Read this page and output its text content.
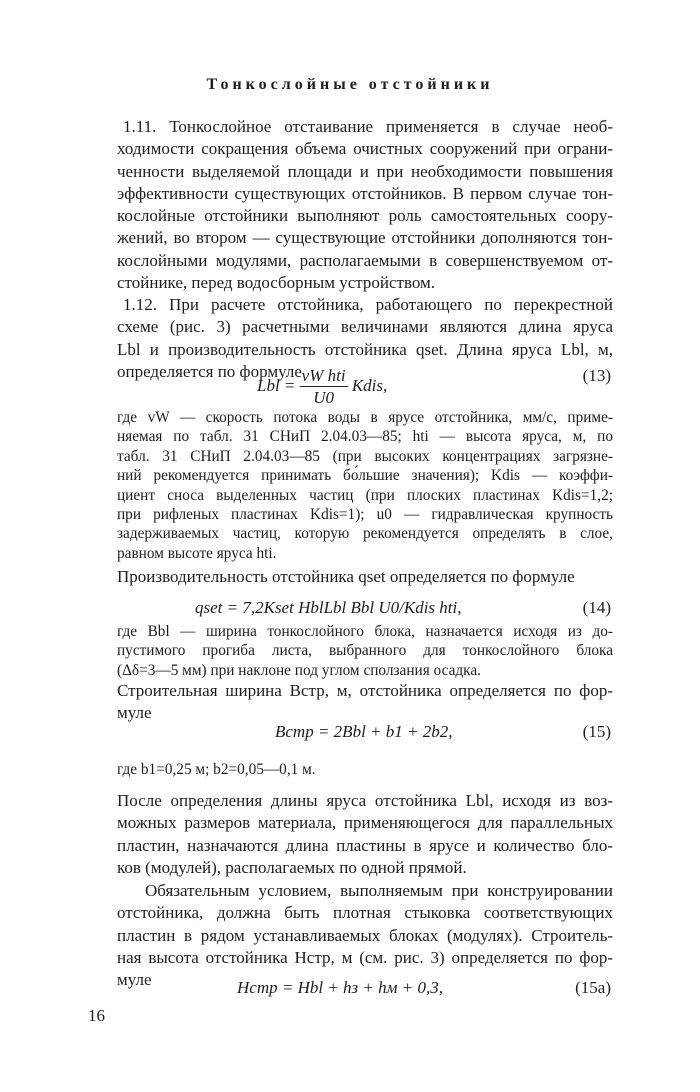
Тонкослойные отстойники
1.11. Тонкослойное отстаивание применяется в случае необ-
ходимости сокращения объема очистных сооружений при ограни-
ченности выделяемой площади и при необходимости повышения
эффективности существующих отстойников. В первом случае тон-
кослойные отстойники выполняют роль самостоятельных соору-
жений, во втором — существующие отстойники дополняются тон-
кослойными модулями, располагаемыми в совершенствуемом от-
стойнике, перед водосборным устройством.
1.12. При расчете отстойника, работающего по перекрестной
схеме (рис. 3) расчетными величинами являются длина яруса
Lbl и производительность отстойника qset. Длина яруса Lbl, м,
определяется по формуле
Lbl = $\frac{\text{vW hti}}{U0}$ Kdis,
(13)
где vW — скорость потока воды в ярусе отстойника, мм/с, приме-
няемая по табл. 31 СНиП 2.04.03—85; hti — высота яруса, м, по
табл. 31 СНиП 2.04.03—85 (при высоких концентрациях загрязне-
ний рекомендуется принимать бо́льшие значения); Kdis — коэффи-
циент сноса выделенных частиц (при плоских пластинах Kdis=1,2;
при рифленых пластинах Kdis=1); u0 — гидравлическая крупность
задерживаемых частиц, которую рекомендуется определять в слое,
равном высоте яруса hti.
Производительность отстойника qset определяется по формуле
qset = 7,2Kset HblLbl Bbl U0/Kdis hti,	(14)
где Bbl — ширина тонкослойного блока, назначается исходя из до-
пустимого прогиба листа, выбранного для тонкослойного блока
(Δδ=3—5 мм) при наклоне под углом сползания осадка.
Строительная ширина Bстр, м, отстойника определяется по фор-
муле
Bстр = 2Bbl + b1 + 2b2,	(15)
где b1=0,25 м; b2=0,05—0,1 м.
После определения длины яруса отстойника Lbl, исходя из воз-
можных размеров материала, применяющегося для параллельных
пластин, назначаются длина пластины в ярусе и количество бло-
ков (модулей), располагаемых по одной прямой.
Обязательным условием, выполняемым при конструировании
отстойника, должна быть плотная стыковка соответствующих
пластин в рядом устанавливаемых блоках (модулях). Строитель-
ная высота отстойника Hстр, м (см. рис. 3) определяется по фор-
муле	Hстр = Hbl + hз + hм + 0,3,	(15а)
16
